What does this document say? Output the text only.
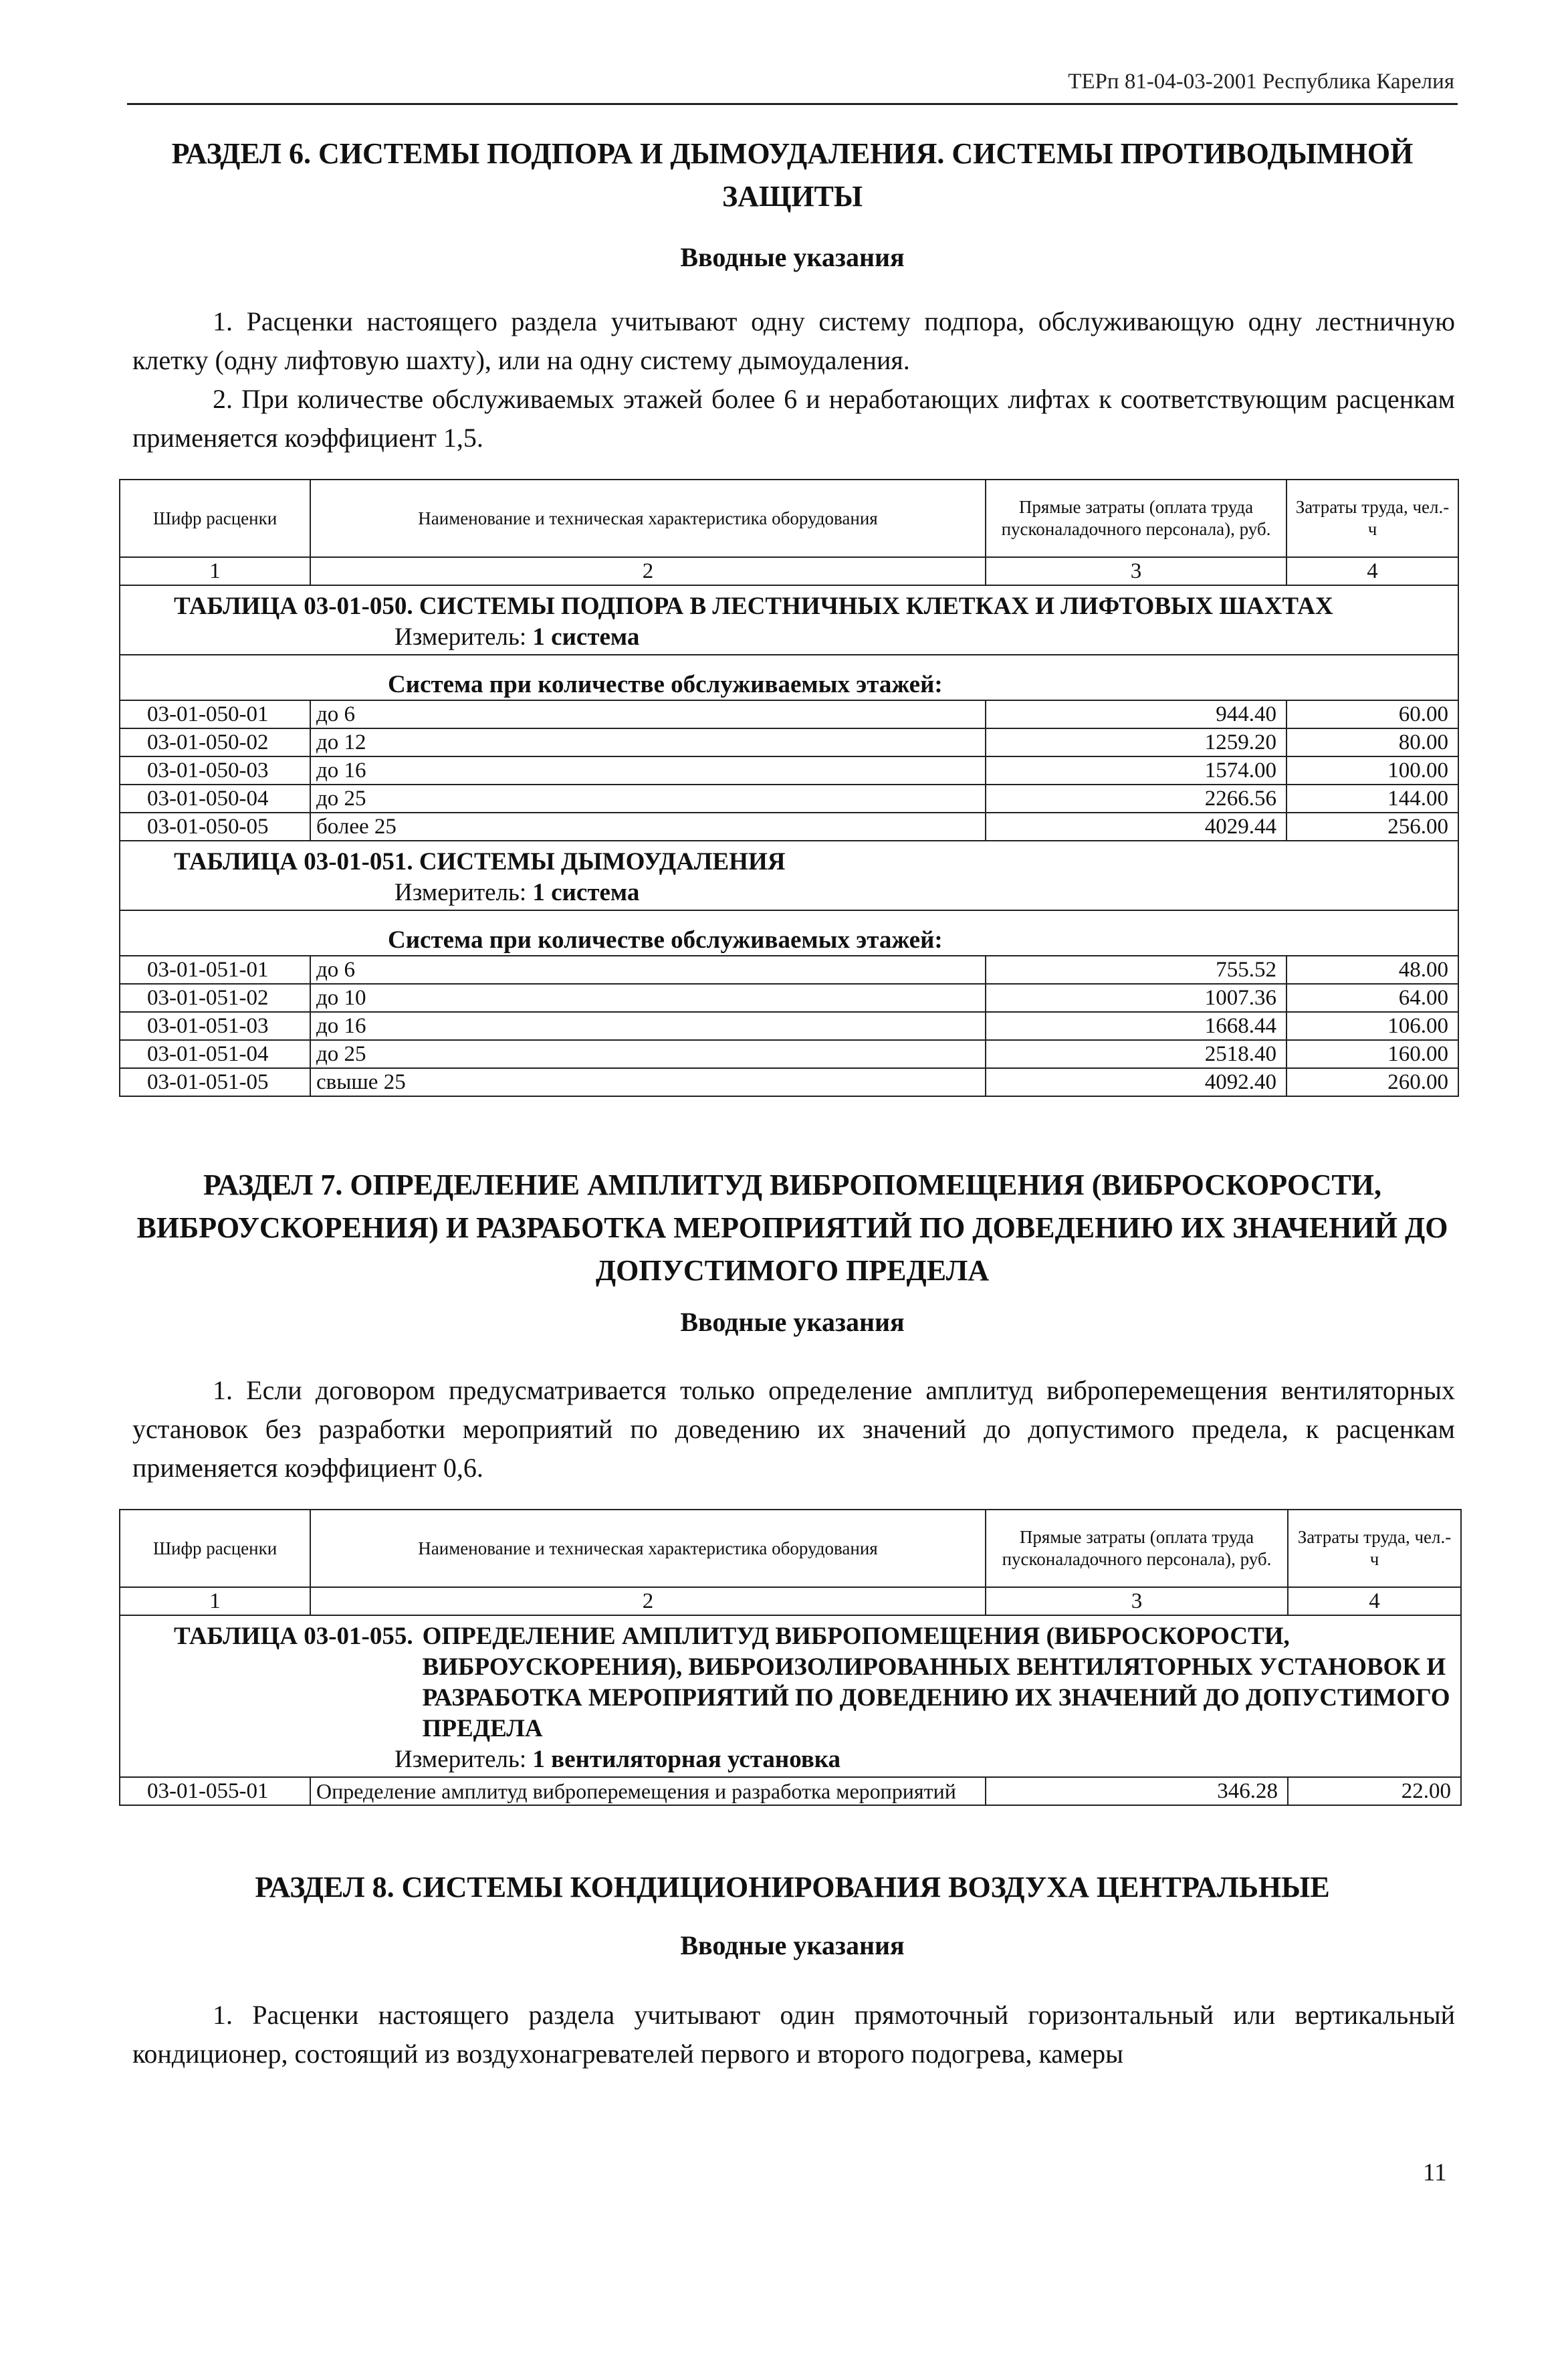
ТЕРп 81-04-03-2001 Республика Карелия
РАЗДЕЛ 6. СИСТЕМЫ ПОДПОРА И ДЫМОУДАЛЕНИЯ. СИСТЕМЫ ПРОТИВОДЫМНОЙ ЗАЩИТЫ
Вводные указания
1. Расценки настоящего раздела учитывают одну систему подпора, обслуживающую одну лестничную клетку (одну лифтовую шахту), или на одну систему дымоудаления.
2. При количестве обслуживаемых этажей более 6 и неработающих лифтах к соответствующим расценкам применяется коэффициент 1,5.
Шифр расценки	Наименование и техническая характеристика оборудования	Прямые затраты (оплата труда пусконаладочного персонала), руб.	Затраты труда, чел.-ч
1	2	3	4

ТАБЛИЦА 03-01-050. СИСТЕМЫ ПОДПОРА В ЛЕСТНИЧНЫХ КЛЕТКАХ И ЛИФТОВЫХ ШАХТАХ
Измеритель: 1 система			

Система при количестве обслуживаемых этажей:			
03-01-050-01	до 6	944.40	60.00
03-01-050-02	до 12	1259.20	80.00
03-01-050-03	до 16	1574.00	100.00
03-01-050-04	до 25	2266.56	144.00
03-01-050-05	более 25	4029.44	256.00

ТАБЛИЦА 03-01-051. СИСТЕМЫ ДЫМОУДАЛЕНИЯ
Измеритель: 1 система			

Система при количестве обслуживаемых этажей:			
03-01-051-01	до 6	755.52	48.00
03-01-051-02	до 10	1007.36	64.00
03-01-051-03	до 16	1668.44	106.00
03-01-051-04	до 25	2518.40	160.00
03-01-051-05	свыше 25	4092.40	260.00
РАЗДЕЛ 7. ОПРЕДЕЛЕНИЕ АМПЛИТУД ВИБРОПОМЕЩЕНИЯ (ВИБРОСКОРОСТИ, ВИБРОУСКОРЕНИЯ) И РАЗРАБОТКА МЕРОПРИЯТИЙ ПО ДОВЕДЕНИЮ ИХ ЗНАЧЕНИЙ ДО ДОПУСТИМОГО ПРЕДЕЛА
Вводные указания
1. Если договором предусматривается только определение амплитуд виброперемещения вентиляторных установок без разработки мероприятий по доведению их значений до допустимого предела, к расценкам применяется коэффициент 0,6.
Шифр расценки	Наименование и техническая характеристика оборудования	Прямые затраты (оплата труда пусконаладочного персонала), руб.	Затраты труда, чел.-ч
1	2	3	4

ТАБЛИЦА 03-01-055. ОПРЕДЕЛЕНИЕ АМПЛИТУД ВИБРОПОМЕЩЕНИЯ (ВИБРОСКОРОСТИ, ВИБРОУСКОРЕНИЯ), ВИБРОИЗОЛИРОВАННЫХ ВЕНТИЛЯТОРНЫХ УСТАНОВОК И РАЗРАБОТКА МЕРОПРИЯТИЙ ПО ДОВЕДЕНИЮ ИХ ЗНАЧЕНИЙ ДО ДОПУСТИМОГО ПРЕДЕЛА
Измеритель: 1 вентиляторная установка			

03-01-055-01	Определение амплитуд виброперемещения и разработка мероприятий	346.28	22.00
РАЗДЕЛ 8. СИСТЕМЫ КОНДИЦИОНИРОВАНИЯ ВОЗДУХА ЦЕНТРАЛЬНЫЕ
Вводные указания
1. Расценки настоящего раздела учитывают один прямоточный горизонтальный или вертикальный кондиционер, состоящий из воздухонагревателей первого и второго подогрева, камеры
11
